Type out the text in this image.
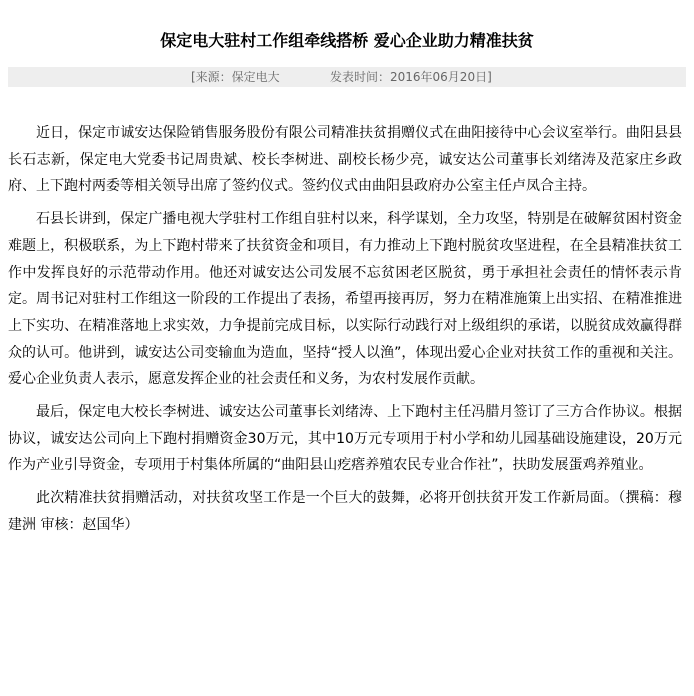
保定电大驻村工作组牵线搭桥 爱心企业助力精准扶贫
[来源：保定电大	发表时间：2016年06月20日]

近日，保定市诚安达保险销售服务股份有限公司精准扶贫捐赠仪式在曲阳接待中心会议室举行。曲阳县县长石志新，保定电大党委书记周贵斌、校长李树进、副校长杨少亮，诚安达公司董事长刘绪涛及范家庄乡政府、上下跑村两委等相关领导出席了签约仪式。签约仪式由曲阳县政府办公室主任卢凤合主持。

石县长讲到，保定广播电视大学驻村工作组自驻村以来，科学谋划，全力攻坚，特别是在破解贫困村资金难题上，积极联系，为上下跑村带来了扶贫资金和项目，有力推动上下跑村脱贫攻坚进程，在全县精准扶贫工作中发挥良好的示范带动作用。他还对诚安达公司发展不忘贫困老区脱贫，勇于承担社会责任的情怀表示肯定。周书记对驻村工作组这一阶段的工作提出了表扬，希望再接再厉，努力在精准施策上出实招、在精准推进上下实功、在精准落地上求实效，力争提前完成目标，以实际行动践行对上级组织的承诺，以脱贫成效赢得群众的认可。他讲到，诚安达公司变输血为造血，坚持“授人以渔”，体现出爱心企业对扶贫工作的重视和关注。爱心企业负责人表示，愿意发挥企业的社会责任和义务，为农村发展作贡献。

最后，保定电大校长李树进、诚安达公司董事长刘绪涛、上下跑村主任冯腊月签订了三方合作协议。根据协议，诚安达公司向上下跑村捐赠资金30万元，其中10万元专项用于村小学和幼儿园基础设施建设，20万元作为产业引导资金，专项用于村集体所属的“曲阳县山疙瘩养殖农民专业合作社”，扶助发展蛋鸡养殖业。

此次精准扶贫捐赠活动，对扶贫攻坚工作是一个巨大的鼓舞，必将开创扶贫开发工作新局面。（撰稿：穆建洲 审核：赵国华）
